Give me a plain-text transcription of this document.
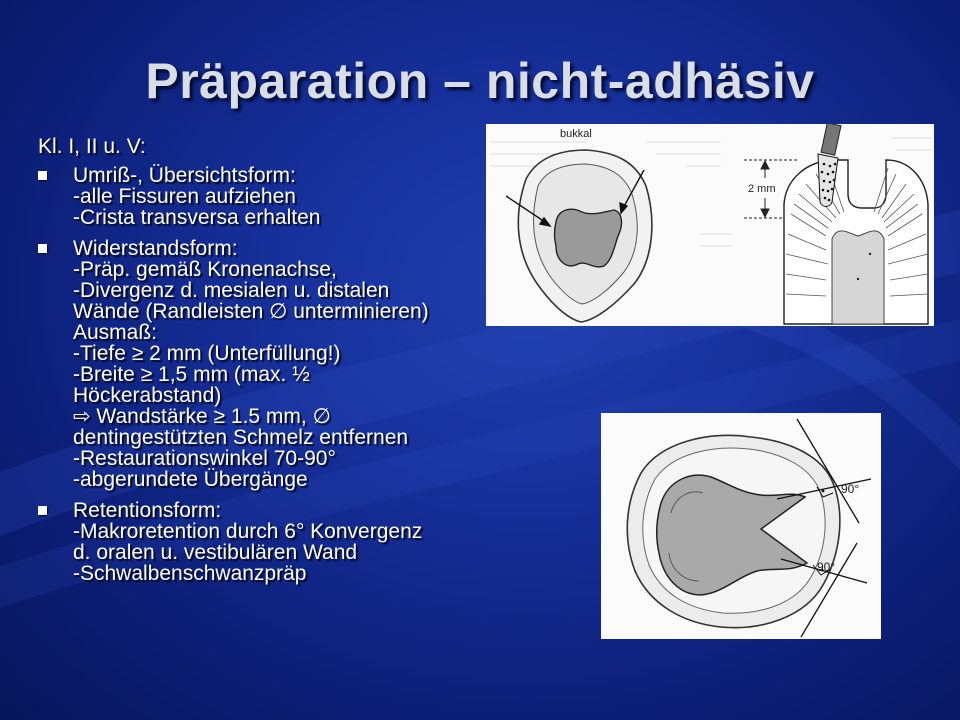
Präparation – nicht-adhäsiv
Kl. I, II u. V:
Umriß-, Übersichtsform:
-alle Fissuren aufziehen
-Crista transversa erhalten
Widerstandsform:
-Präp. gemäß Kronenachse,
-Divergenz d. mesialen u. distalen
Wände (Randleisten ∅ unterminieren)
Ausmaß:
-Tiefe ≥ 2 mm (Unterfüllung!)
-Breite ≥ 1,5 mm (max. ½
Höckerabstand)
⇨ Wandstärke ≥ 1.5 mm, ∅
dentingestützten Schmelz entfernen
-Restaurationswinkel 70-90°
-abgerundete Übergänge
Retentionsform:
-Makroretention durch 6° Konvergenz
d. oralen u. vestibulären Wand
-Schwalbenschwanzpräp
bukkal
2 mm
90°
90°
